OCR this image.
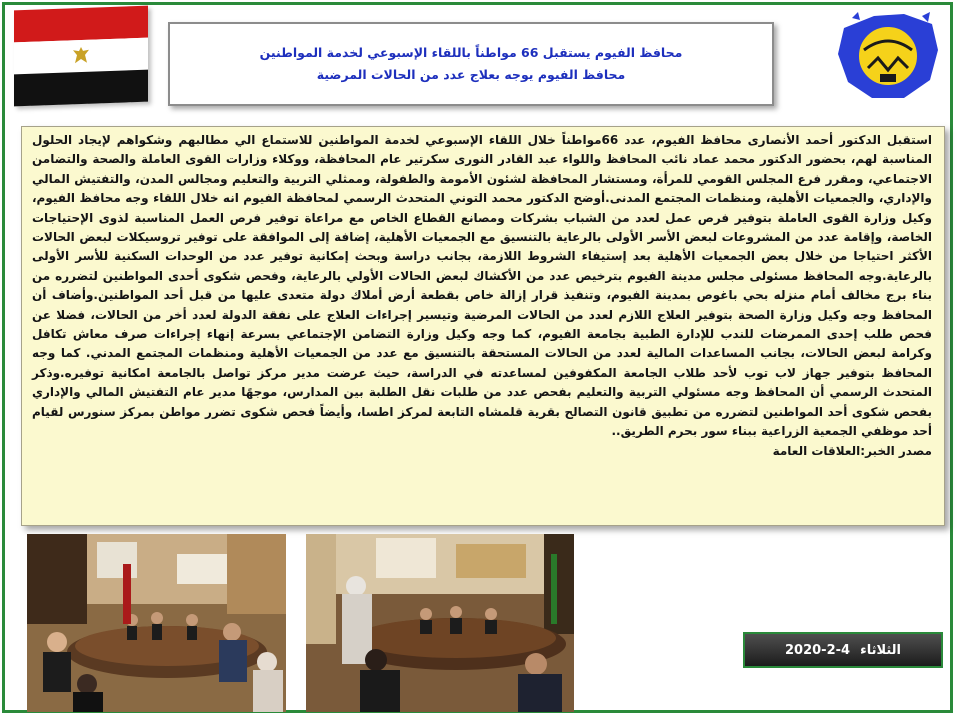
محافظ الفيوم يستقبل 66 مواطناً باللقاء الإسبوعي لخدمة المواطنين
محافظ الفيوم يوجه بعلاج عدد من الحالات المرضية

استقبل الدكتور أحمد الأنصارى محافظ الفيوم، عدد 66مواطناً خلال اللقاء الإسبوعي لخدمة المواطنين للاستماع الي مطالبهم وشكواهم لإيجاد الحلول المناسبة لهم، بحضور الدكتور محمد عماد نائب المحافظ واللواء عبد القادر النورى سكرتير عام المحافظة، ووكلاء وزارات القوى العاملة والصحة والتضامن الاجتماعي، ومقرر فرع المجلس القومي للمرأة، ومستشار المحافظة لشئون الأمومة والطفولة، وممثلي التربية والتعليم ومجالس المدن، والتفتيش المالي والإداري، والجمعيات الأهلية، ومنظمات المجتمع المدنى.أوضح الدكتور محمد التوني المتحدث الرسمي لمحافظة الفيوم انه خلال اللقاء وجه محافظ الفيوم، وكيل وزارة القوى العاملة بتوفير فرص عمل لعدد من الشباب بشركات ومصانع القطاع الخاص مع مراعاة توفير فرص العمل المناسبة لذوى الإحتياجات الخاصة، وإقامة عدد من المشروعات لبعض الأسر الأولى بالرعاية بالتنسيق مع الجمعيات الأهلية، إضافة إلى الموافقة على توفير تروسيكلات لبعض الحالات الأكثر احتياجا من خلال بعض الجمعيات الأهلية بعد إستيفاء الشروط اللازمة، بجانب دراسة وبحث إمكانية توفير عدد من الوحدات السكنية للأسر الأولى بالرعاية.وجه المحافظ مسئولى مجلس مدينة الفيوم بترخيص عدد من الأكشاك لبعض الحالات الأولي بالرعاية، وفحص شكوى أحدى المواطنين لتضرره من بناء برج مخالف أمام منزله بحي باغوص بمدينة الفيوم، وتنفيذ قرار إزالة خاص بقطعة أرض أملاك دولة متعدى عليها من قبل أحد المواطنين.وأضاف أن المحافظ وجه وكيل وزارة الصحة بتوفير العلاج اللازم لعدد من الحالات المرضية وتيسير إجراءات العلاج على نفقة الدولة لعدد أخر من الحالات، فضلا عن فحص طلب إحدى الممرضات للندب للإدارة الطبية بجامعة الفيوم، كما وجه وكيل وزارة التضامن الإجتماعي بسرعة إنهاء إجراءات صرف معاش تكافل وكرامة لبعض الحالات، بجانب المساعدات المالية لعدد من الحالات المستحقة بالتنسيق مع عدد من الجمعيات الأهلية ومنظمات المجتمع المدني. كما وجه المحافظ بتوفير جهاز لاب توب لأحد طلاب الجامعة المكفوفين لمساعدته في الدراسة، حيث عرضت مدير مركز تواصل بالجامعة امكانية توفيره.وذكر المتحدث الرسمي أن المحافظ وجه مسئولي التربية والتعليم بفحص عدد من طلبات نقل الطلبة بين المدارس، موجهًا مدير عام التفتيش المالي والإداري بفحص شكوى أحد المواطنين لتضرره من تطبيق قانون التصالح بقرية قلمشاه التابعة لمركز اطسا، وأيضاً فحص شكوى تضرر مواطن بمركز سنورس لقيام أحد موظفي الجمعية الزراعية ببناء سور بحرم الطريق..

مصدر الخبر:العلاقات العامة

الثلاثاء
2020-2-4
